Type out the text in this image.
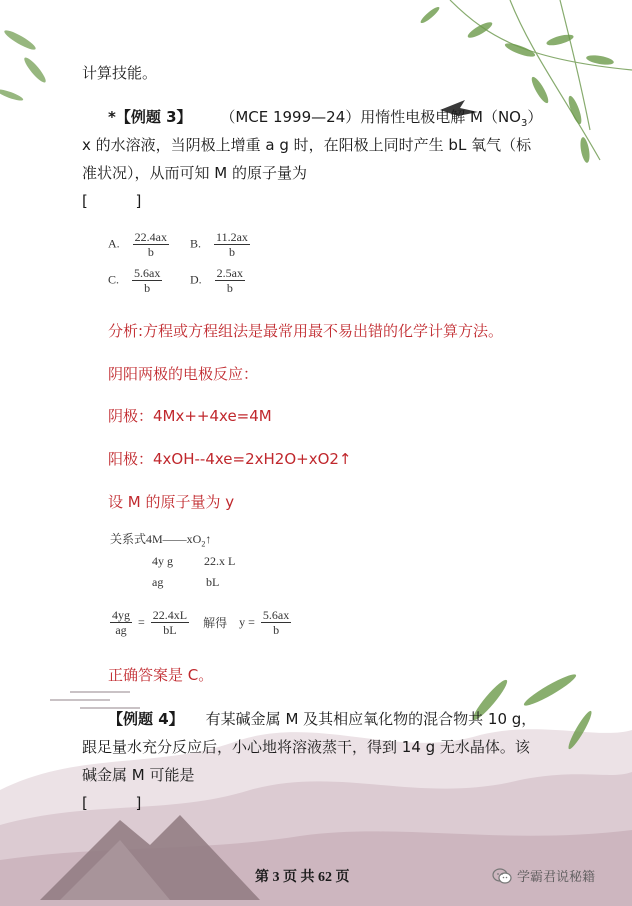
计算技能。
*【例题 3】 （MCE 1999—24）用惰性电极电解 $M(NO_3)$
x 的水溶液，当阴极上增重 a g 时，在阳极上同时产生 bL 氧气（标
准状况），从而可知 M 的原子量为
[          ]
A. $\frac{22.4ax}{b} B$. $\frac{11.2ax}{b}$
C. $\frac{5.6ax}{b} D$. $\frac{2.5ax}{b}$
分析:方程或方程组法是最常用最不易出错的化学计算方法。
阴阳两极的电极反应：
阴极：4Mx++4xe=4M
阳极：4xOH--4xe=2xH2O+xO2↑
设 M 的原子量为 y
关系式$4M——xO_2↑$
4y g	22.x L
ag	bL
$\frac{4yg}{ag} = \frac{22.4xL}{bL}$ 解得 $y = \frac{5.6ax}{b}$
正确答案是 C。
【例题 4】 有某碱金属 M 及其相应氧化物的混合物共 10 g，
跟足量水充分反应后，小心地将溶液蒸干，得到 14 g 无水晶体。该
碱金属 M 可能是
[          ]
第 3 页 共 62 页	学霸君说秘籍
